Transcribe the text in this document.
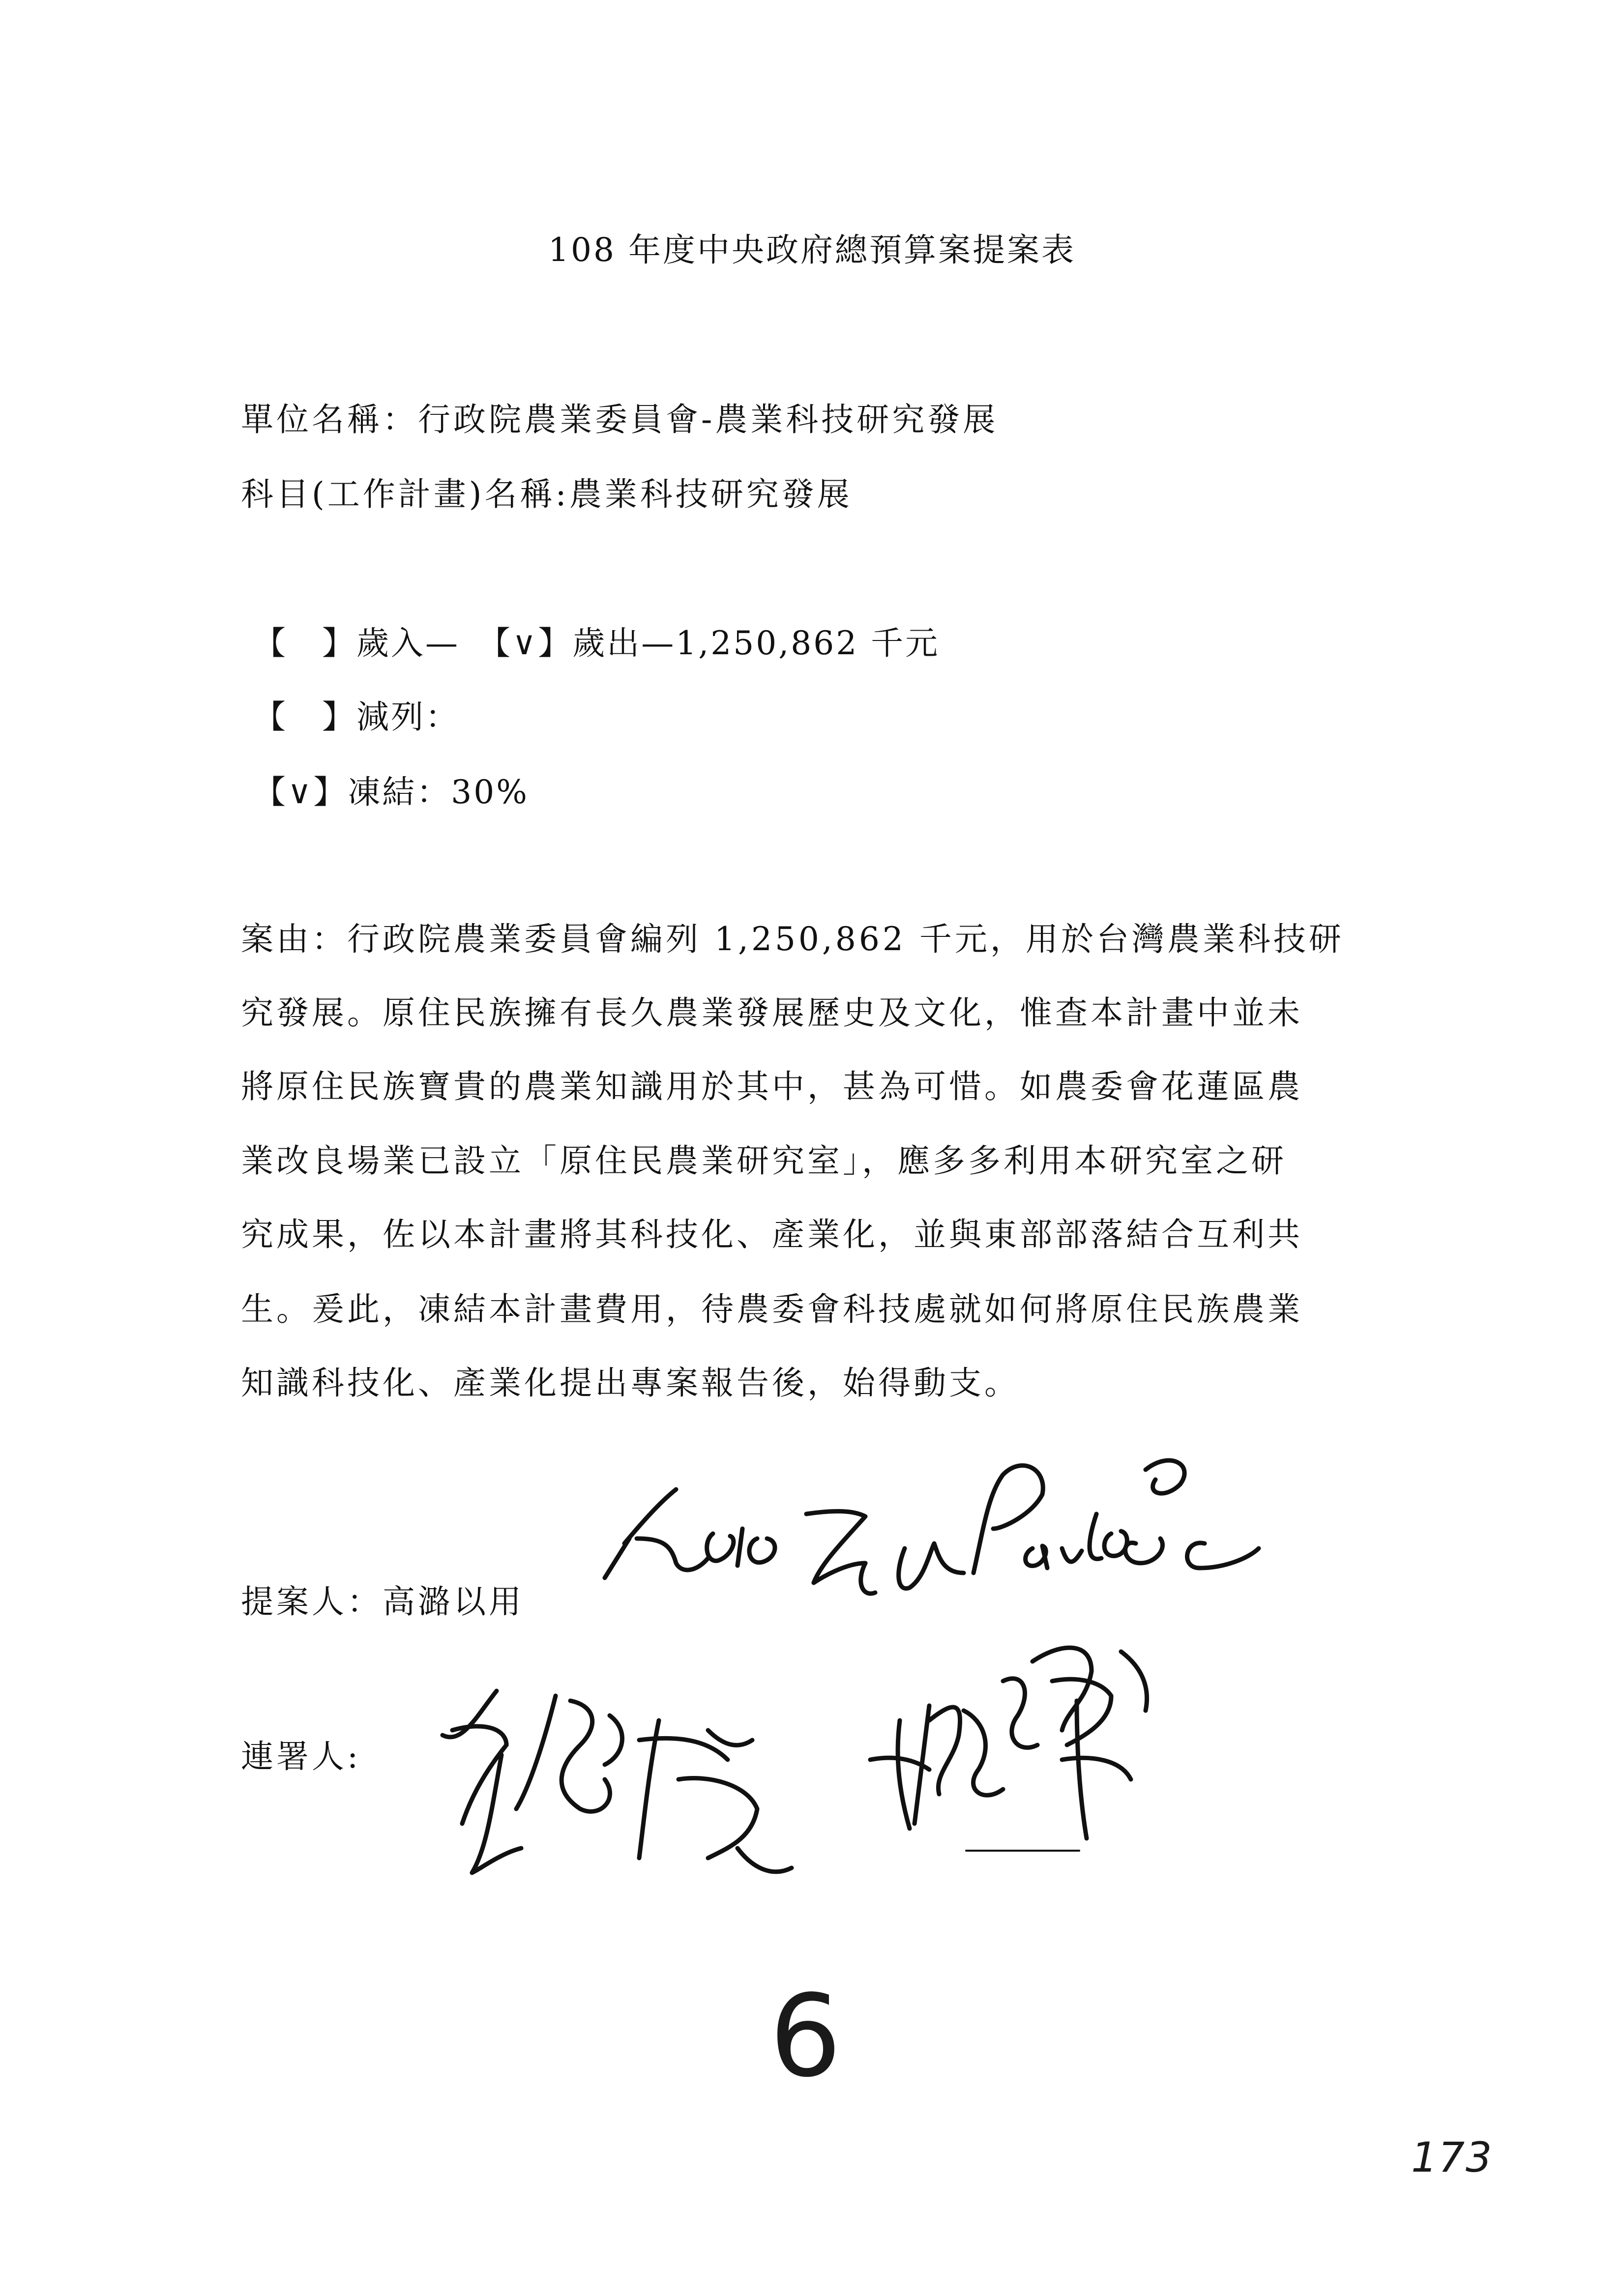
108 年度中央政府總預算案提案表
單位名稱：行政院農業委員會-農業科技研究發展
科目(工作計畫)名稱:農業科技研究發展
【　】歲入—　【∨】歲出—1,250,862 千元
【　】減列：
【∨】凍結：30%
案由：行政院農業委員會編列 1,250,862 千元，用於台灣農業科技研
究發展。原住民族擁有長久農業發展歷史及文化，惟查本計畫中並未
將原住民族寶貴的農業知識用於其中，甚為可惜。如農委會花蓮區農
業改良場業已設立「原住民農業研究室」，應多多利用本研究室之研
究成果，佐以本計畫將其科技化、產業化，並與東部部落結合互利共
生。爰此，凍結本計畫費用，待農委會科技處就如何將原住民族農業
知識科技化、產業化提出專案報告後，始得動支。
提案人：高潞以用
連署人:
6
173
